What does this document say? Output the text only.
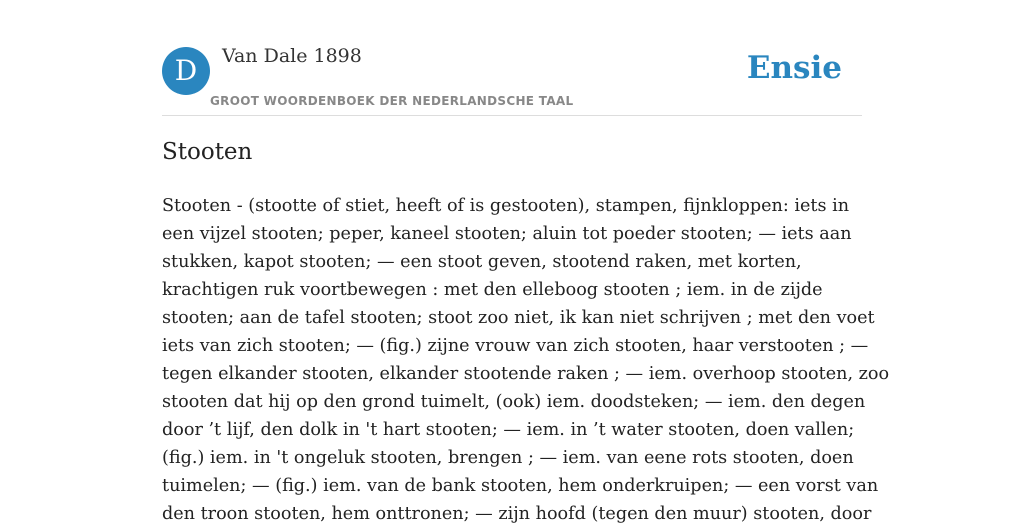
D	Van Dale 1898
GROOT WOORDENBOEK DER NEDERLANDSCHE TAAL
Ensie
Stooten
Stooten - (stootte of stiet, heeft of is gestooten), stampen, fijnkloppen: iets in
een vijzel stooten; peper, kaneel stooten; aluin tot poeder stooten; — iets aan
stukken, kapot stooten; — een stoot geven, stootend raken, met korten,
krachtigen ruk voortbewegen : met den elleboog stooten ; iem. in de zijde
stooten; aan de tafel stooten; stoot zoo niet, ik kan niet schrijven ; met den voet
iets van zich stooten; — (fig.) zijne vrouw van zich stooten, haar verstooten ; —
tegen elkander stooten, elkander stootende raken ; — iem. overhoop stooten, zoo
stooten dat hij op den grond tuimelt, (ook) iem. doodsteken; — iem. den degen
door ’t lijf, den dolk in 't hart stooten; — iem. in ’t water stooten, doen vallen;
(fig.) iem. in 't ongeluk stooten, brengen ; — iem. van eene rots stooten, doen
tuimelen; — (fig.) iem. van de bank stooten, hem onderkruipen; — een vorst van
den troon stooten, hem onttronen; — zijn hoofd (tegen den muur) stooten, door
